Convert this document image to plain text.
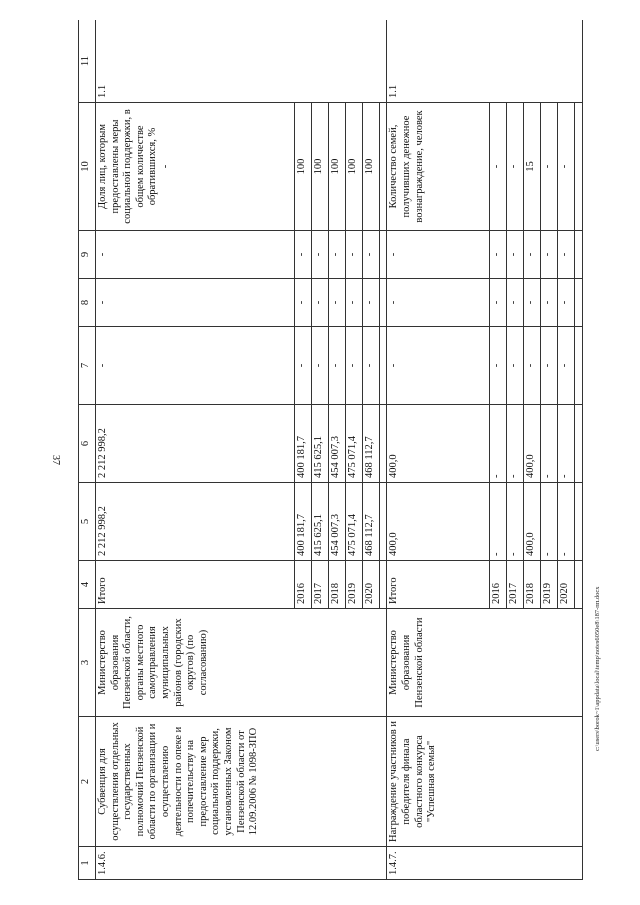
37
c:\users\borok~1\appdata\local\temp\notes6050e8\187-пп.docx
1	2	3	4	5	6	7	8	9	10	11
1.4.6.	Субвенция для осуществления отдельных государственных полномочий Пензенской области по организации и осуществлению деятельности по опеке и попечительству на предоставление мер социальной поддержки, установленных Законом Пензенской области от 12.09.2006 № 1098-ЗПО	Министерство образования Пензенской области, органы местного самоуправления муниципальных районов (городских округов) (по согласованию)	Итого	2 212 998,2	2 212 998,2	-	-	-	Доля лиц, которым предоставлены меры социальной поддержки, в общем количестве обратившихся, % -	1.1
			2016	400 181,7	400 181,7	-	-	-	100	
			2017	415 625,1	415 625,1	-	-	-	100	
			2018	454 007,3	454 007,3	-	-	-	100	
			2019	475 071,4	475 071,4	-	-	-	100	
			2020	468 112,7	468 112,7	-	-	-	100	

1.4.7.	Награждение участников и победителя финала областного конкурса "Успешная семья"	Министерство образования Пензенской области	Итого	400,0	400,0	-	-	-	Количество семей, получивших денежное вознаграждение, человек	1.1
			2016	-	-	-	-	-	-	
			2017	-	-	-	-	-	-	
			2018	400,0	400,0	-	-	-	15	
			2019	-	-	-	-	-	-	
			2020	-	-	-	-	-	-	
